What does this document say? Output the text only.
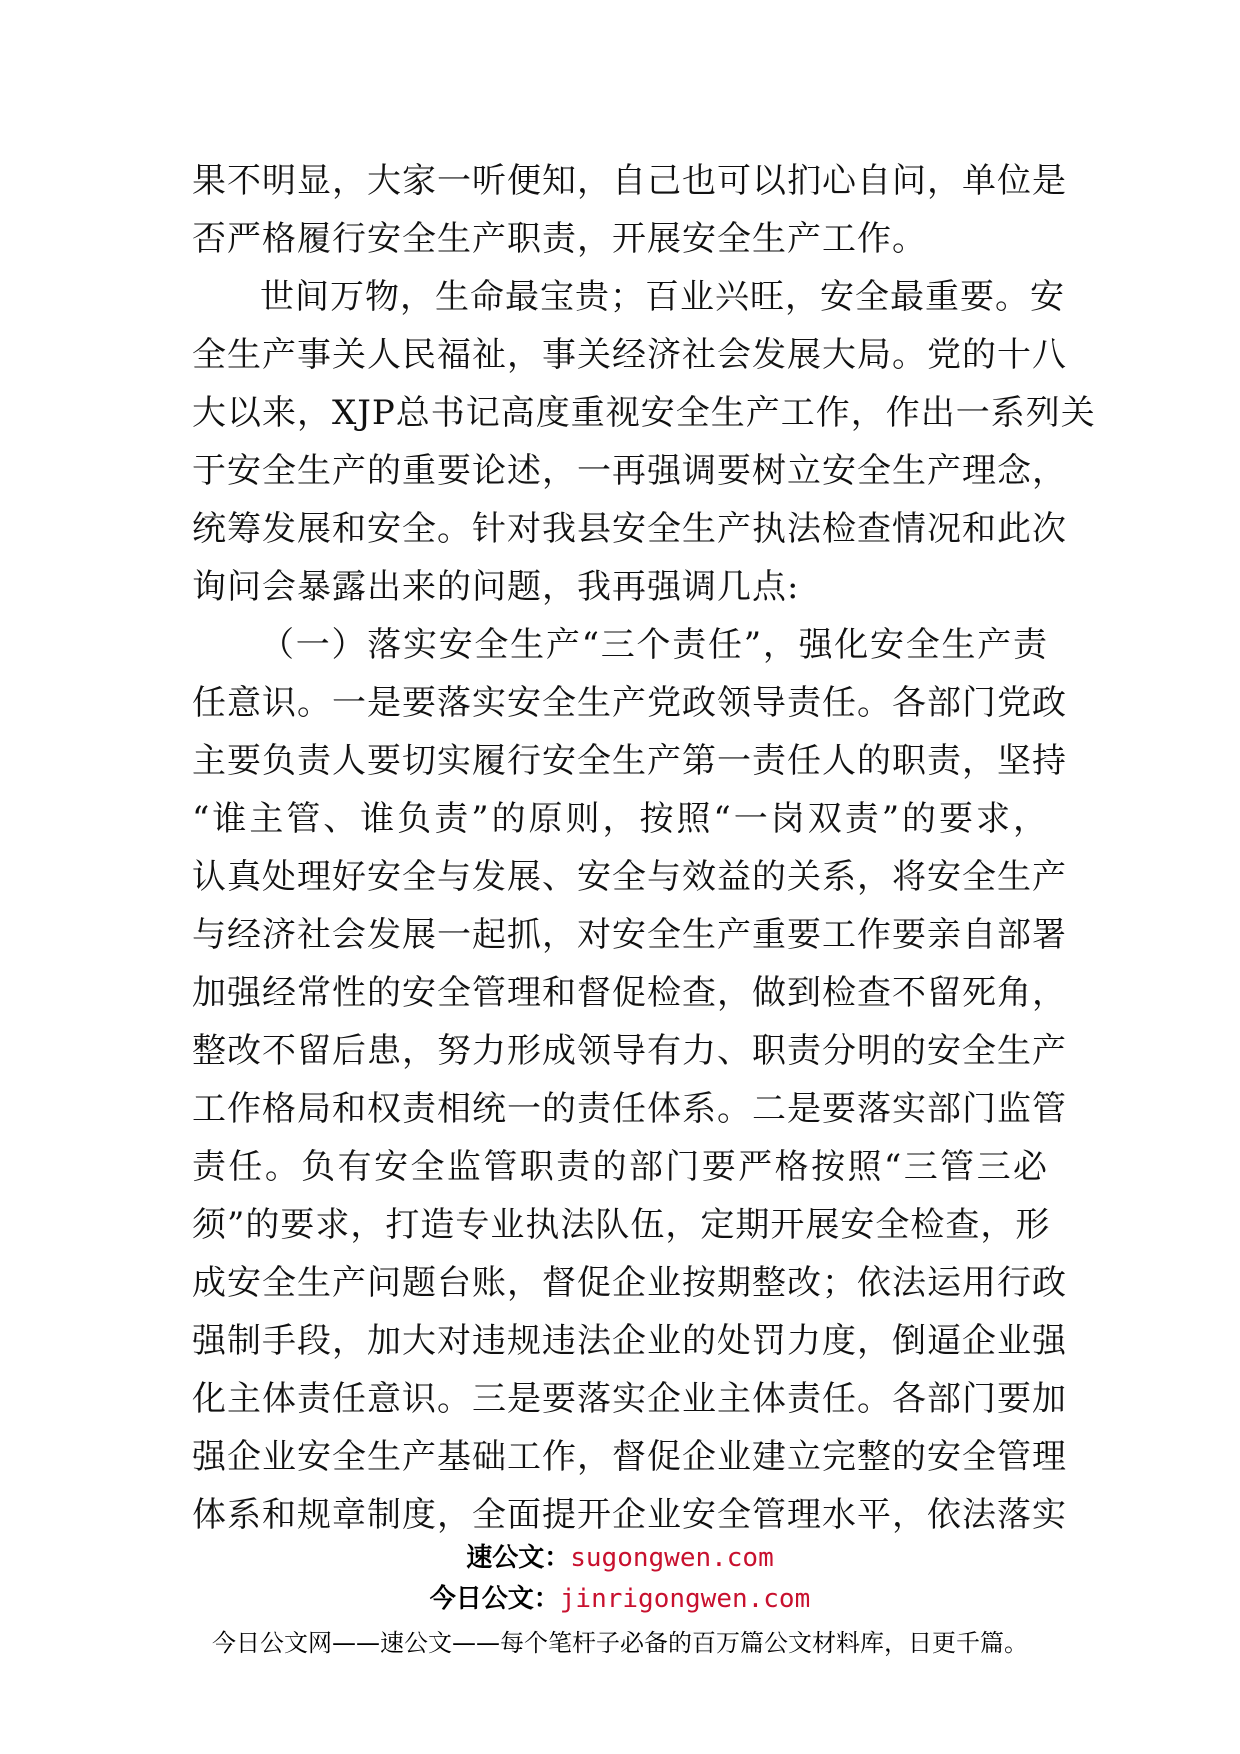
果不明显，大家一听便知，自己也可以扪心自问，单位是
否严格履行安全生产职责，开展安全生产工作。
世间万物，生命最宝贵；百业兴旺，安全最重要。安
全生产事关人民福祉，事关经济社会发展大局。党的十八
大以来，XJP总书记高度重视安全生产工作，作出一系列关
于安全生产的重要论述，一再强调要树立安全生产理念，
统筹发展和安全。针对我县安全生产执法检查情况和此次
询问会暴露出来的问题，我再强调几点:
（一）落实安全生产“三个责任”，强化安全生产责
任意识。一是要落实安全生产党政领导责任。各部门党政
主要负责人要切实履行安全生产第一责任人的职责，坚持
“谁主管、谁负责”的原则，按照“一岗双责”的要求，
认真处理好安全与发展、安全与效益的关系，将安全生产
与经济社会发展一起抓，对安全生产重要工作要亲自部署
加强经常性的安全管理和督促检查，做到检查不留死角，
整改不留后患，努力形成领导有力、职责分明的安全生产
工作格局和权责相统一的责任体系。二是要落实部门监管
责任。负有安全监管职责的部门要严格按照“三管三必
须”的要求，打造专业执法队伍，定期开展安全检查，形
成安全生产问题台账，督促企业按期整改；依法运用行政
强制手段，加大对违规违法企业的处罚力度，倒逼企业强
化主体责任意识。三是要落实企业主体责任。各部门要加
强企业安全生产基础工作，督促企业建立完整的安全管理
体系和规章制度，全面提开企业安全管理水平，依法落实
速公文：sugongwen.com
今日公文：jinrigongwen.com
今日公文网——速公文——每个笔杆子必备的百万篇公文材料库，日更千篇。
